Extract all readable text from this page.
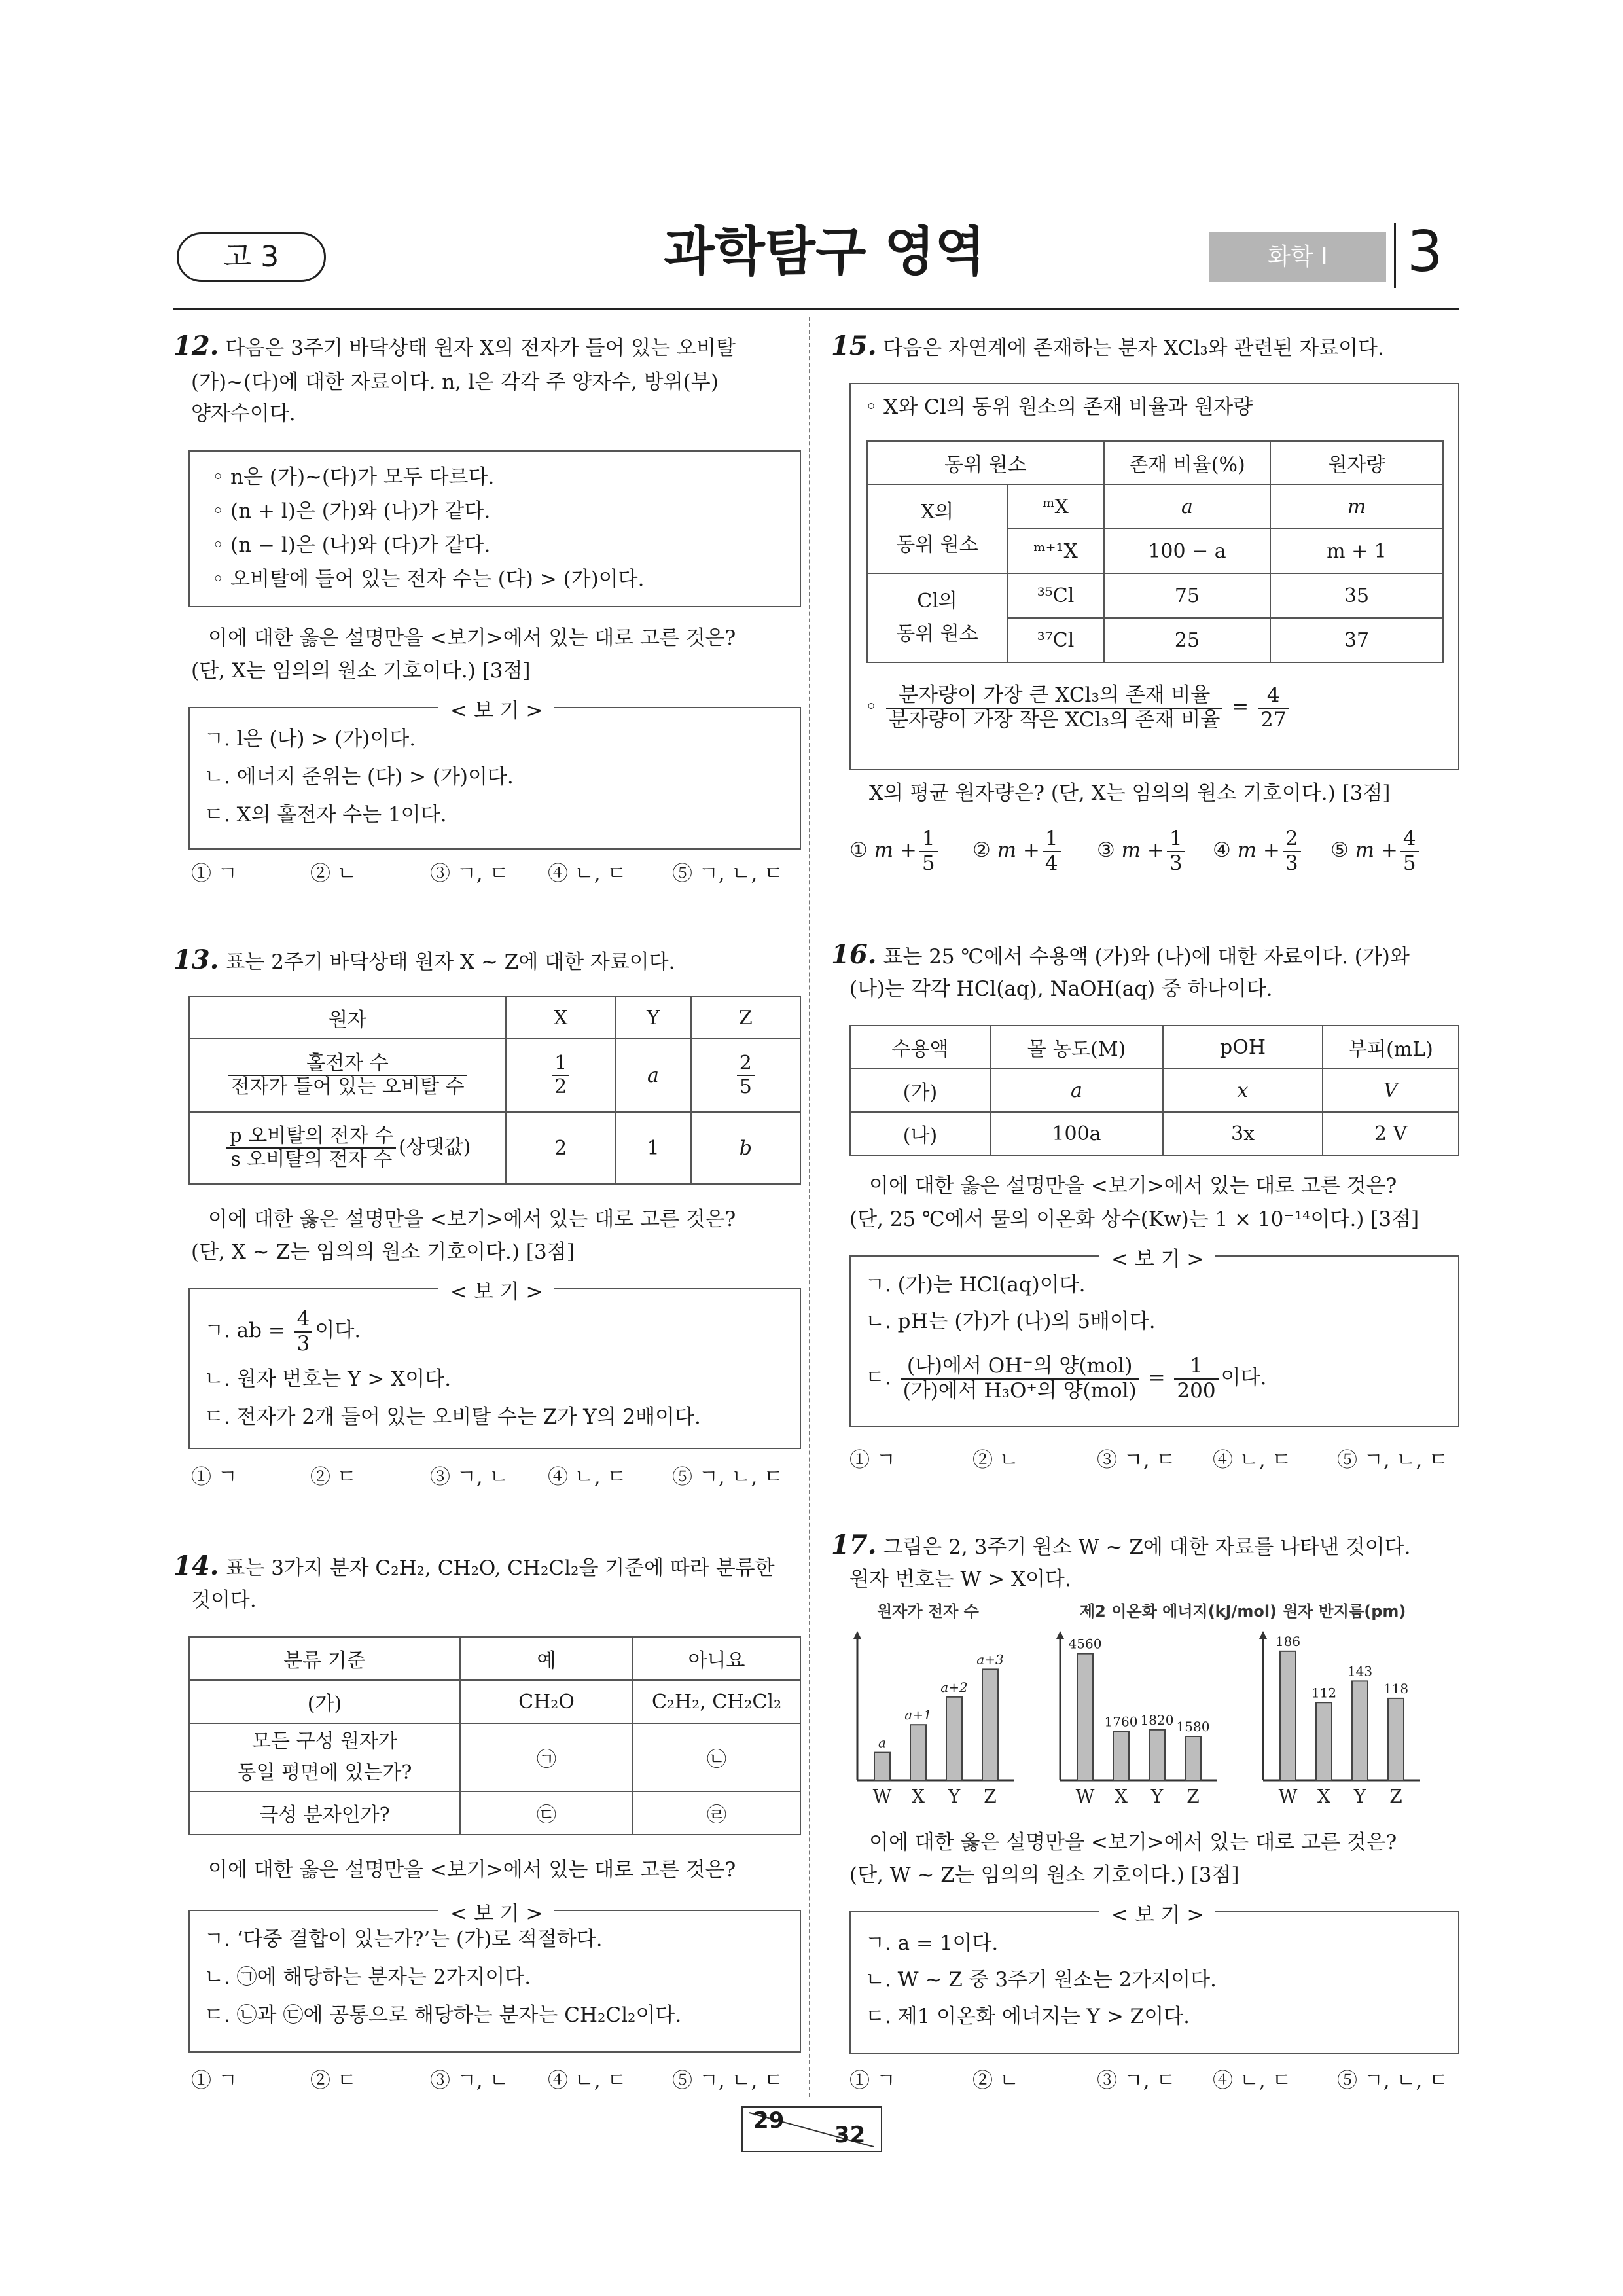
고 3	과학탐구 영역	화학 I	3
12. 다음은 3주기 바닥상태 원자 X의 전자가 들어 있는 오비탈
(가)~(다)에 대한 자료이다. n, l은 각각 주 양자수, 방위(부)
양자수이다.
◦ n은 (가)~(다)가 모두 다르다.
◦ (n + l)은 (가)와 (나)가 같다.
◦ (n − l)은 (나)와 (다)가 같다.
◦ 오비탈에 들어 있는 전자 수는 (다) > (가)이다.
이에 대한 옳은 설명만을 <보기>에서 있는 대로 고른 것은?
(단, X는 임의의 원소 기호이다.) [3점]
< 보 기 >
ㄱ. l은 (나) > (가)이다.
ㄴ. 에너지 준위는 (다) > (가)이다.
ㄷ. X의 홀전자 수는 1이다.
① ㄱ	② ㄴ	③ ㄱ, ㄷ ④ ㄴ, ㄷ ⑤ ㄱ, ㄴ, ㄷ
13. 표는 2주기 바닥상태 원자 X ~ Z에 대한 자료이다.
원자	X	Y	Z

$\frac{\text{홀전자 수}}{\text{전자가 들어 있는 오비탈 수}}$	$\frac{1}{2}$	a	$\frac{2}{5}$

$\frac{\text{p 오비탈의 전자 수}}{\text{s 오비탈의 전자 수}}$ (상댓값)	2	1	b
이에 대한 옳은 설명만을 <보기>에서 있는 대로 고른 것은?
(단, X ~ Z는 임의의 원소 기호이다.) [3점]
< 보 기 >
ㄱ. ab = $\frac{4}{3}$ 이다.
ㄴ. 원자 번호는 Y > X이다.
ㄷ. 전자가 2개 들어 있는 오비탈 수는 Z가 Y의 2배이다.
① ㄱ	② ㄷ	③ ㄱ, ㄴ ④ ㄴ, ㄷ ⑤ ㄱ, ㄴ, ㄷ
14. 표는 3가지 분자 C₂H₂, CH₂O, CH₂Cl₂을 기준에 따라 분류한
것이다.
분류 기준	예	아니요
(가)	CH₂O	C₂H₂, CH₂Cl₂
모든 구성 원자가
동일 평면에 있는가?	㉠	㉡
극성 분자인가?	㉢	㉣
이에 대한 옳은 설명만을 <보기>에서 있는 대로 고른 것은?
< 보 기 >
ㄱ. ‘다중 결합이 있는가?’는 (가)로 적절하다.
ㄴ. ㉠에 해당하는 분자는 2가지이다.
ㄷ. ㉡과 ㉢에 공통으로 해당하는 분자는 CH₂Cl₂이다.
① ㄱ	② ㄷ	③ ㄱ, ㄴ ④ ㄴ, ㄷ ⑤ ㄱ, ㄴ, ㄷ
15. 다음은 자연계에 존재하는 분자 XCl₃와 관련된 자료이다.
◦ X와 Cl의 동위 원소의 존재 비율과 원자량
동위 원소		존재 비율(%)	원자량
X의
동위 원소	ᵐX	a	m
	ᵐ⁺¹X	100 − a	m + 1
Cl의
동위 원소	³⁵Cl	75	35
	³⁷Cl	25	37
◦ $\frac{\text{분자량이 가장 큰 XCl₃의 존재 비율}}{\text{분자량이 가장 작은 XCl₃의 존재 비율}} = \frac{4}{27}$
X의 평균 원자량은? (단, X는 임의의 원소 기호이다.) [3점]
① $m + \frac{1}{5}$ ② $m + \frac{1}{4}$ ③ $m + \frac{1}{3}$ ④ $m + \frac{2}{3}$ ⑤ $m + \frac{4}{5}$
16. 표는 25 ℃에서 수용액 (가)와 (나)에 대한 자료이다. (가)와
(나)는 각각 HCl(aq), NaOH(aq) 중 하나이다.
수용액	몰 농도(M)	pOH	부피(mL)
(가)	a	x	V
(나)	100a	3x	2 V
이에 대한 옳은 설명만을 <보기>에서 있는 대로 고른 것은?
(단, 25 ℃에서 물의 이온화 상수(Kw)는 1 × 10⁻¹⁴이다.) [3점]
< 보 기 >
ㄱ. (가)는 HCl(aq)이다.
ㄴ. pH는 (가)가 (나)의 5배이다.
ㄷ. $\frac{\text{(나)에서 OH⁻의 양(mol)}}{\text{(가)에서 H₃O⁺의 양(mol)}} = \frac{1}{200}$ 이다.
① ㄱ	② ㄴ	③ ㄱ, ㄷ ④ ㄴ, ㄷ ⑤ ㄱ, ㄴ, ㄷ
17. 그림은 2, 3주기 원소 W ~ Z에 대한 자료를 나타낸 것이다.
원자 번호는 W > X이다.
원자가 전자 수
a
W
a+1
X
a+2
Y
a+3
Z
제2 이온화 에너지(kJ/mol)
4560
W
1760
X
1820
Y
1580
Z
원자 반지름(pm)
186
W
112
X
143
Y
118
Z
이에 대한 옳은 설명만을 <보기>에서 있는 대로 고른 것은?
(단, W ~ Z는 임의의 원소 기호이다.) [3점]
< 보 기 >
ㄱ. a = 1이다.
ㄴ. W ~ Z 중 3주기 원소는 2가지이다.
ㄷ. 제1 이온화 에너지는 Y > Z이다.
① ㄱ	② ㄴ	③ ㄱ, ㄷ ④ ㄴ, ㄷ ⑤ ㄱ, ㄴ, ㄷ
29
32
